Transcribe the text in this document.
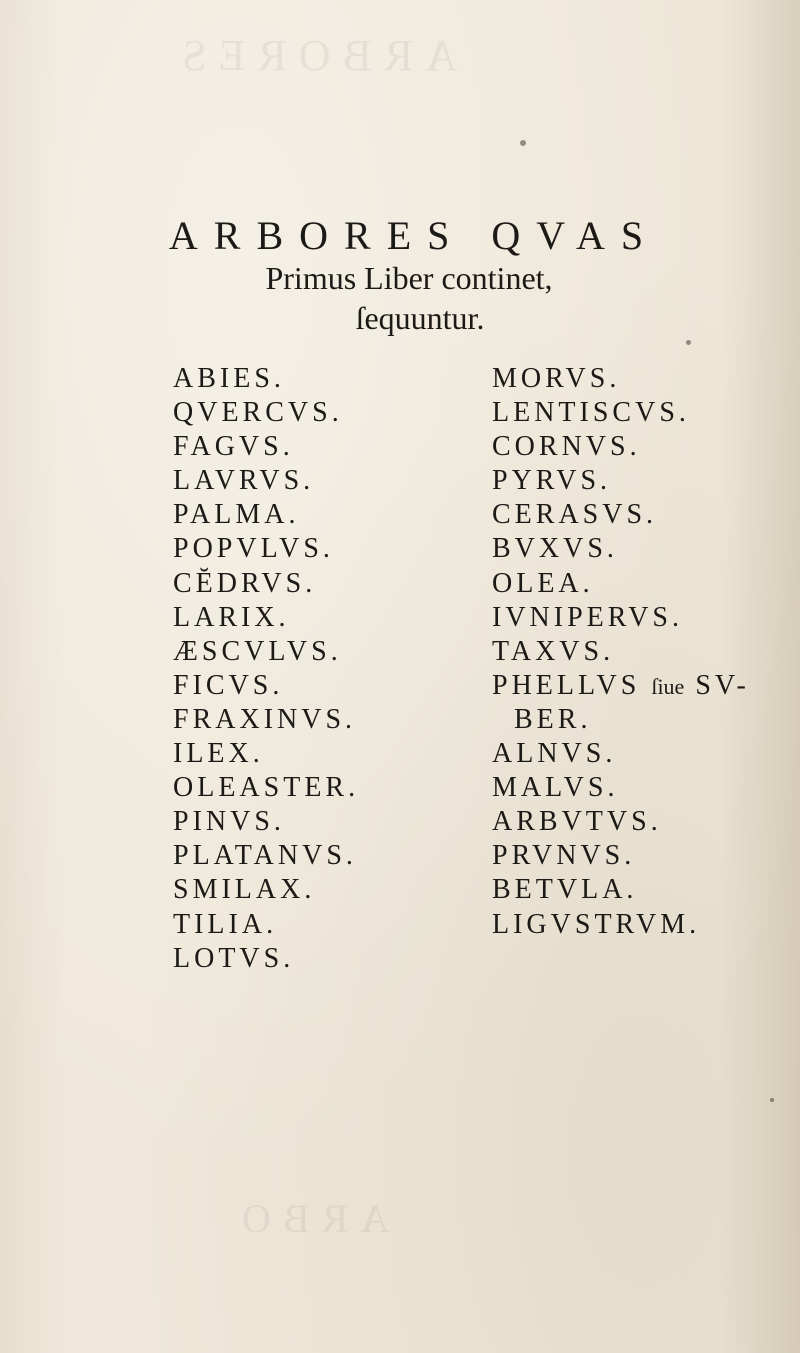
ARBORES
ARBO
ARBORES QVAS
Primus Liber continet,
ſequuntur.
ABIES.
QVERCVS.
FAGVS.
LAVRVS.
PALMA.
POPVLVS.
CĔDRVS.
LARIX.
ÆSCVLVS.
FICVS.
FRAXINVS.
ILEX.
OLEASTER.
PINVS.
PLATANVS.
SMILAX.
TILIA.
LOTVS.
MORVS.
LENTISCVS.
CORNVS.
PYRVS.
CERASVS.
BVXVS.
OLEA.
IVNIPERVS.
TAXVS.
PHELLVS ſiue SV-
BER.
ALNVS.
MALVS.
ARBVTVS.
PRVNVS.
BETVLA.
LIGVSTRVM.
